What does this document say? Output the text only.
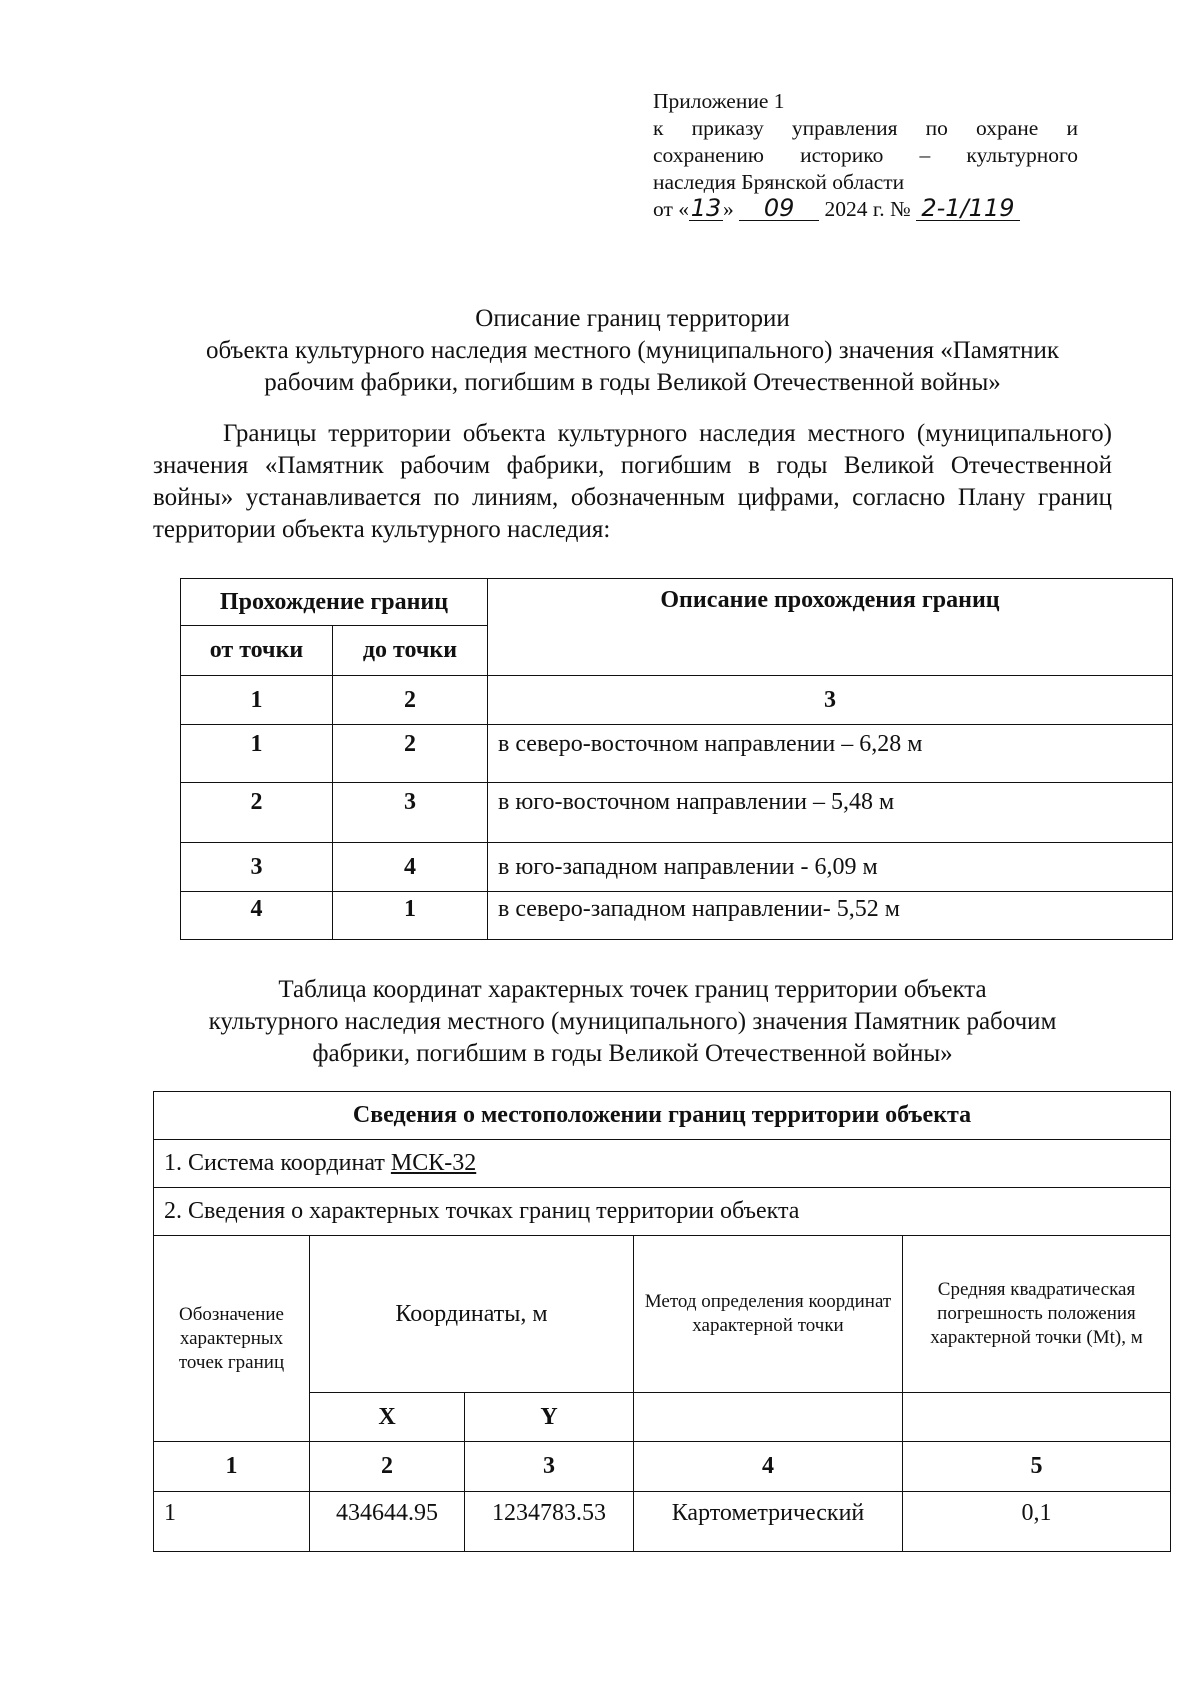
Приложение 1
к приказу управления по охране и
сохранению историко – культурного
наследия Брянской области
от «13» 09 2024 г. № 2-1/119
Описание границ территории
объекта культурного наследия местного (муниципального) значения «Памятник
рабочим фабрики, погибшим в годы Великой Отечественной войны»
Границы территории объекта культурного наследия местного (муниципального) значения «Памятник рабочим фабрики, погибшим в годы Великой Отечественной войны» устанавливается по линиям, обозначенным цифрами, согласно Плану границ территории объекта культурного наследия:
Прохождение границ		Описание прохождения границ
от точки	до точки	
1	2	3
1	2	в северо-восточном направлении – 6,28 м
2	3	в юго-восточном направлении – 5,48 м
3	4	в юго-западном направлении - 6,09 м
4	1	в северо-западном направлении- 5,52 м
Таблица координат характерных точек границ территории объекта
культурного наследия местного (муниципального) значения Памятник рабочим
фабрики, погибшим в годы Великой Отечественной войны»
Сведения о местоположении границ территории объекта				
1. Система координат МСК-32				
2. Сведения о характерных точках границ территории объекта				
Обозначение характерных точек границ	Координаты, м		Метод определения координат характерной точки	Средняя квадратическая погрешность положения характерной точки (Mt), м
	X	Y		
1	2	3	4	5
1	434644.95	1234783.53	Картометрический	0,1
